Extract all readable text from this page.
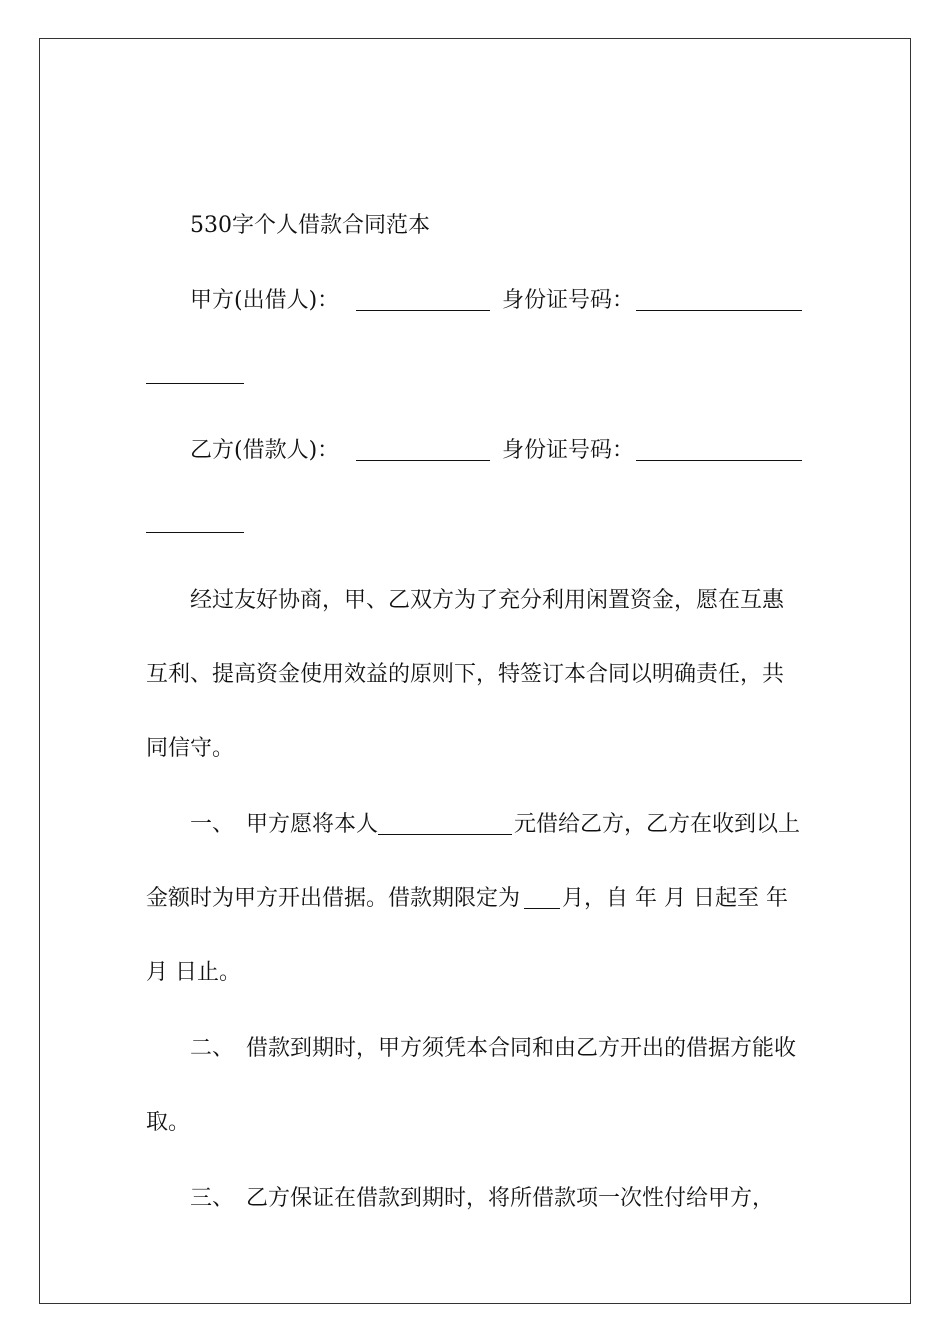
530字个人借款合同范本
甲方(出借人)：	身份证号码：
乙方(借款人)：	身份证号码：
经过友好协商，甲、乙双方为了充分利用闲置资金，愿在互惠
互利、提高资金使用效益的原则下，特签订本合同以明确责任，共
同信守。
一、 甲方愿将本人	元借给乙方，乙方在收到以上
金额时为甲方开出借据。借款期限定为 月，自 年 月 日起至 年
月 日止。
二、 借款到期时，甲方须凭本合同和由乙方开出的借据方能收
取。
三、 乙方保证在借款到期时，将所借款项一次性付给甲方，
